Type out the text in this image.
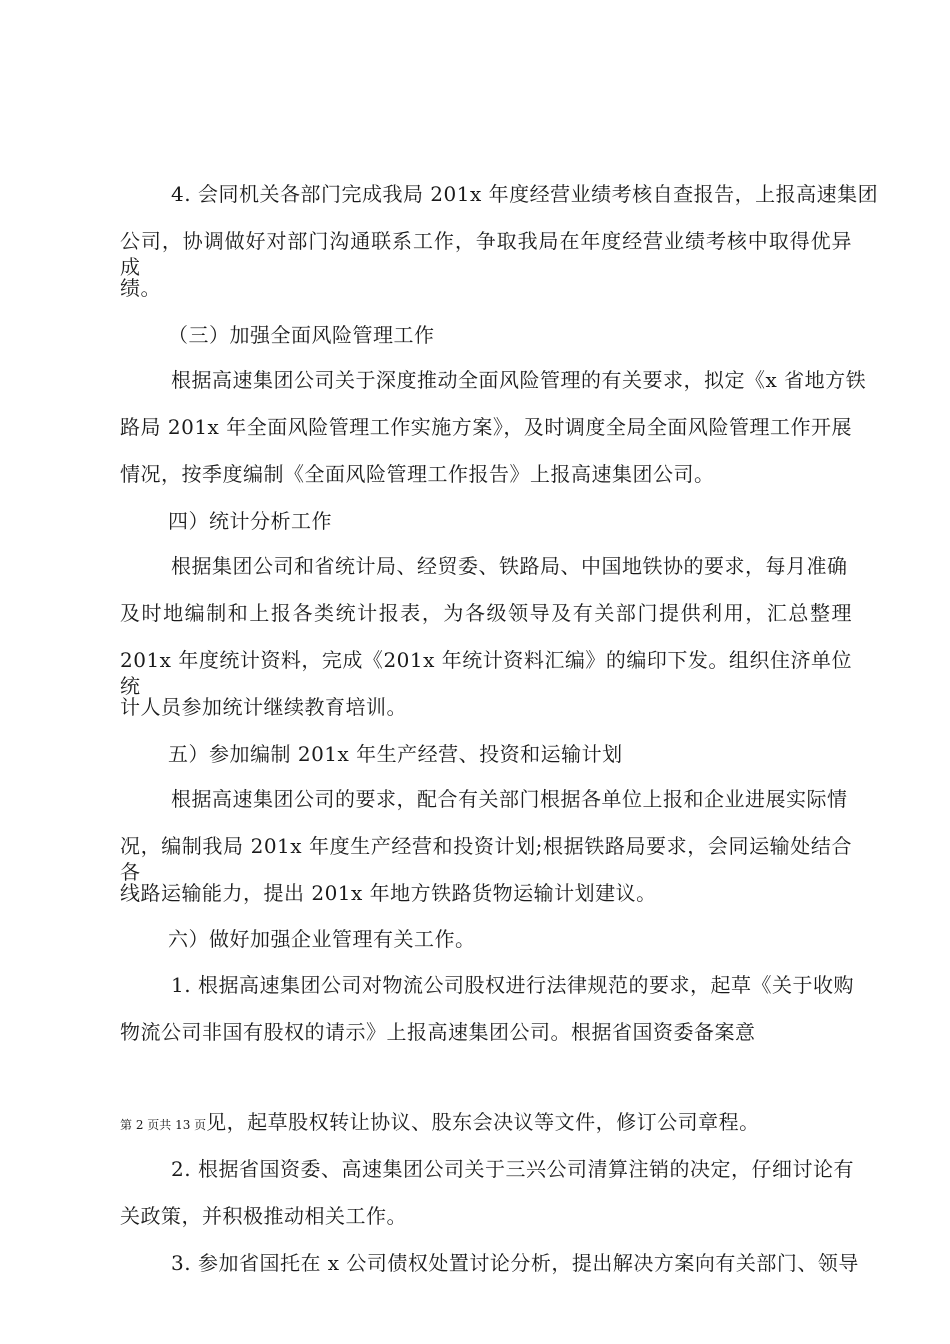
4. 会同机关各部门完成我局 201x 年度经营业绩考核自查报告，上报高速集团
公司，协调做好对部门沟通联系工作，争取我局在年度经营业绩考核中取得优异成
绩。
（三）加强全面风险管理工作
根据高速集团公司关于深度推动全面风险管理的有关要求，拟定《x 省地方铁
路局 201x 年全面风险管理工作实施方案》，及时调度全局全面风险管理工作开展
情况，按季度编制《全面风险管理工作报告》上报高速集团公司。
四）统计分析工作
根据集团公司和省统计局、经贸委、铁路局、中国地铁协的要求，每月准确
及时地编制和上报各类统计报表，为各级领导及有关部门提供利用，汇总整理
201x 年度统计资料，完成《201x 年统计资料汇编》的编印下发。组织住济单位统
计人员参加统计继续教育培训。
五）参加编制 201x 年生产经营、投资和运输计划
根据高速集团公司的要求，配合有关部门根据各单位上报和企业进展实际情
况，编制我局 201x 年度生产经营和投资计划;根据铁路局要求，会同运输处结合各
线路运输能力，提出 201x 年地方铁路货物运输计划建议。
六）做好加强企业管理有关工作。
1. 根据高速集团公司对物流公司股权进行法律规范的要求，起草《关于收购
物流公司非国有股权的请示》上报高速集团公司。根据省国资委备案意
第 2 页共 13 页见，起草股权转让协议、股东会决议等文件，修订公司章程。
2. 根据省国资委、高速集团公司关于三兴公司清算注销的决定，仔细讨论有
关政策，并积极推动相关工作。
3. 参加省国托在 x 公司债权处置讨论分析，提出解决方案向有关部门、领导
